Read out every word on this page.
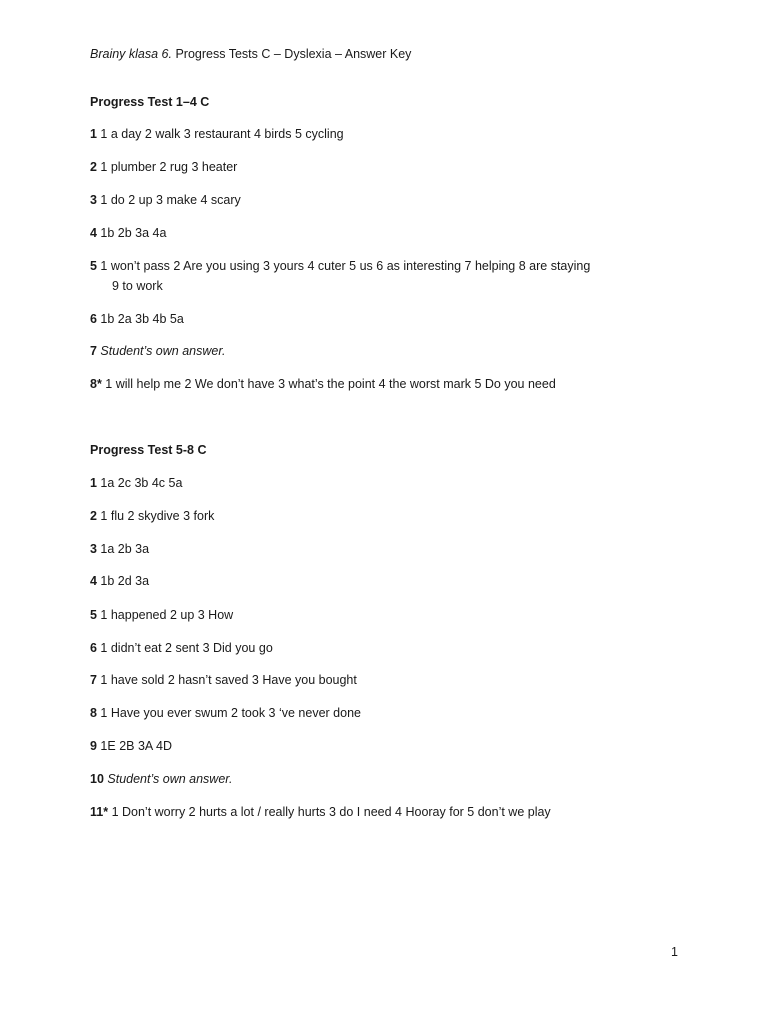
Brainy klasa 6. Progress Tests C – Dyslexia – Answer Key
Progress Test 1–4 C
1 1 a day 2 walk 3 restaurant 4 birds 5 cycling
2 1 plumber 2 rug 3 heater
3 1 do 2 up 3 make 4 scary
4 1b 2b 3a 4a
5 1 won’t pass 2 Are you using 3 yours 4 cuter 5 us 6 as interesting 7 helping 8 are staying
9 to work
6 1b 2a 3b 4b 5a
7 Student’s own answer.
8* 1 will help me 2 We don’t have 3 what’s the point 4 the worst mark 5 Do you need
Progress Test 5-8 C
1 1a 2c 3b 4c 5a
2 1 flu 2 skydive 3 fork
3 1a 2b 3a
4 1b 2d 3a
5 1 happened 2 up 3 How
6 1 didn’t eat 2 sent 3 Did you go
7 1 have sold 2 hasn’t saved 3 Have you bought
8 1 Have you ever swum 2 took 3 ‘ve never done
9 1E 2B 3A 4D
10 Student’s own answer.
11* 1 Don’t worry 2 hurts a lot / really hurts 3 do I need 4 Hooray for 5 don’t we play
1
